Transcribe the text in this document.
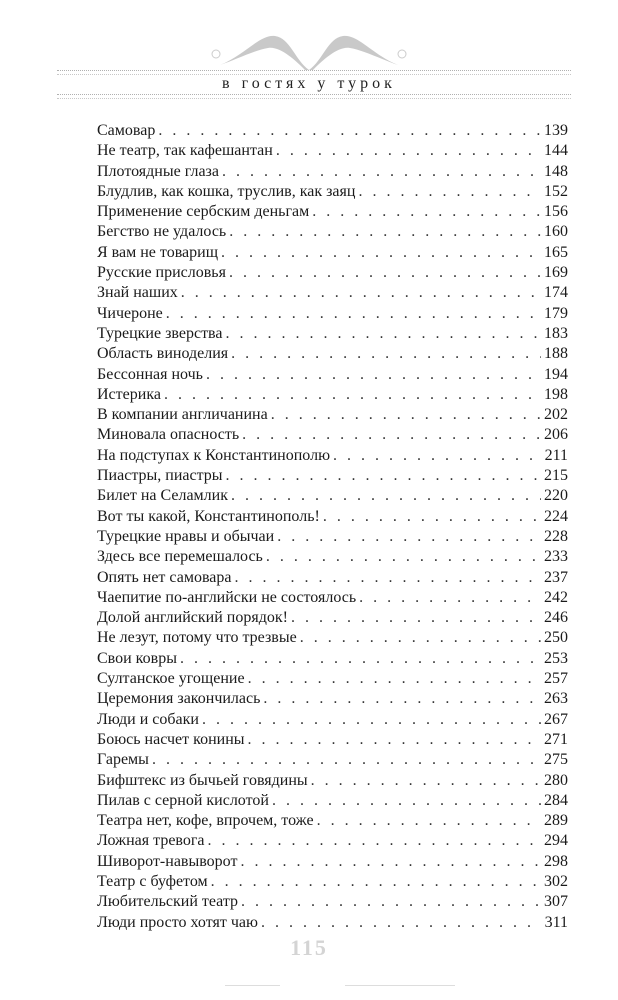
в гостях у турок
Самовар . . .	139
Не театр, так кафешантан . . .	144
Плотоядные глаза . . .	148
Блудлив, как кошка, труслив, как заяц . . .	152
Применение сербским деньгам . . .	156
Бегство не удалось . . .	160
Я вам не товарищ . . .	165
Русские присловья . . .	169
Знай наших . . .	174
Чичероне . . .	179
Турецкие зверства . . .	183
Область виноделия . . .	188
Бессонная ночь . . .	194
Истерика . . .	198
В компании англичанина . . .	202
Миновала опасность . . .	206
На подступах к Константинополю . . .	211
Пиастры, пиастры . . .	215
Билет на Селамлик . . .	220
Вот ты какой, Константинополь! . . .	224
Турецкие нравы и обычаи . . .	228
Здесь все перемешалось . . .	233
Опять нет самовара . . .	237
Чаепитие по-английски не состоялось . . .	242
Долой английский порядок! . . .	246
Не лезут, потому что трезвые . . .	250
Свои ковры . . .	253
Султанское угощение . . .	257
Церемония закончилась . . .	263
Люди и собаки . . .	267
Боюсь насчет конины . . .	271
Гаремы . . .	275
Бифштекс из бычьей говядины . . .	280
Пилав с серной кислотой . . .	284
Театра нет, кофе, впрочем, тоже . . .	289
Ложная тревога . . .	294
Шиворот-навыворот . . .	298
Театр с буфетом . . .	302
Любительский театр . . .	307
Люди просто хотят чаю . . .	311
115
